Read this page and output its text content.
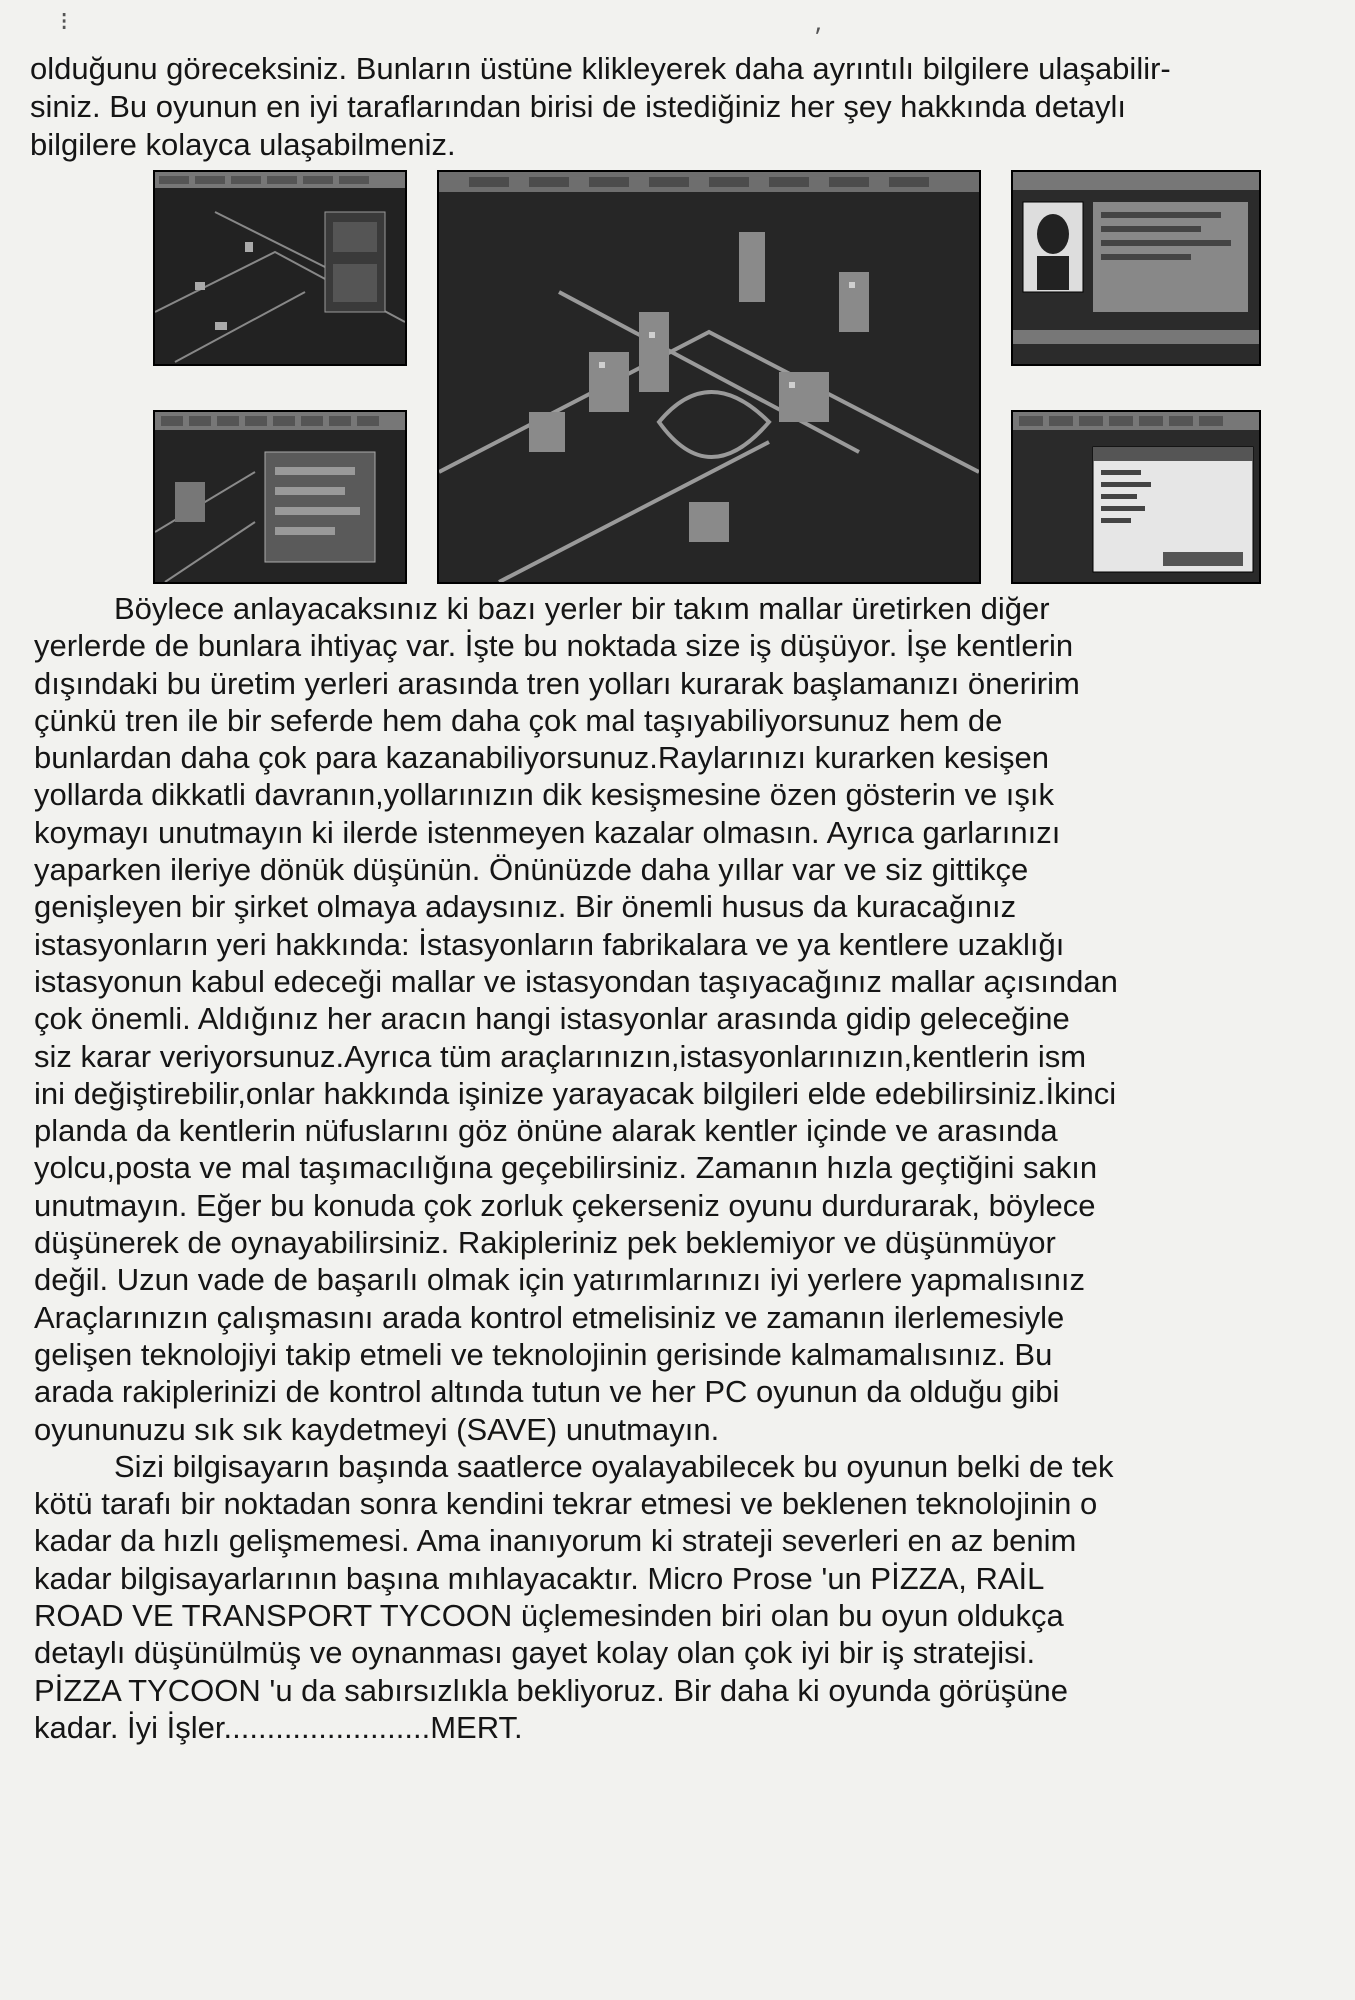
⁝	⸴

olduğunu göreceksiniz. Bunların üstüne klikleyerek daha ayrıntılı bilgilere ulaşabilir-
siniz. Bu oyunun en iyi taraflarından birisi de istediğiniz her şey hakkında detaylı
bilgilere kolayca ulaşabilmeniz.

Böylece anlayacaksınız ki bazı yerler bir takım mallar üretirken diğer
yerlerde de bunlara ihtiyaç var. İşte bu noktada size iş düşüyor. İşe kentlerin
dışındaki bu üretim yerleri arasında tren yolları kurarak başlamanızı öneririm
çünkü tren ile bir seferde hem daha çok mal taşıyabiliyorsunuz hem de
bunlardan daha çok para kazanabiliyorsunuz.Raylarınızı kurarken kesişen
yollarda dikkatli davranın,yollarınızın dik kesişmesine özen gösterin ve ışık
koymayı unutmayın ki ilerde istenmeyen kazalar olmasın. Ayrıca garlarınızı
yaparken ileriye dönük düşünün. Önünüzde daha yıllar var ve siz gittikçe
genişleyen bir şirket olmaya adaysınız. Bir önemli husus da kuracağınız
istasyonların yeri hakkında: İstasyonların fabrikalara ve ya kentlere uzaklığı
istasyonun kabul edeceği mallar ve istasyondan taşıyacağınız mallar açısından
çok önemli. Aldığınız her aracın hangi istasyonlar arasında gidip geleceğine
siz karar veriyorsunuz.Ayrıca tüm araçlarınızın,istasyonlarınızın,kentlerin ism
ini değiştirebilir,onlar hakkında işinize yarayacak bilgileri elde edebilirsiniz.İkinci
planda da kentlerin nüfuslarını göz önüne alarak kentler içinde ve arasında
yolcu,posta ve mal taşımacılığına geçebilirsiniz. Zamanın hızla geçtiğini sakın
unutmayın. Eğer bu konuda çok zorluk çekerseniz oyunu durdurarak, böylece
düşünerek de oynayabilirsiniz. Rakipleriniz pek beklemiyor ve düşünmüyor
değil. Uzun vade de başarılı olmak için yatırımlarınızı iyi yerlere yapmalısınız
Araçlarınızın çalışmasını arada kontrol etmelisiniz ve zamanın ilerlemesiyle
gelişen teknolojiyi takip etmeli ve teknolojinin gerisinde kalmamalısınız. Bu
arada rakiplerinizi de kontrol altında tutun ve her PC oyunun da olduğu gibi
oyununuzu sık sık kaydetmeyi (SAVE) unutmayın.
Sizi bilgisayarın başında saatlerce oyalayabilecek bu oyunun belki de tek
kötü tarafı bir noktadan sonra kendini tekrar etmesi ve beklenen teknolojinin o
kadar da hızlı gelişmemesi. Ama inanıyorum ki strateji severleri en az benim
kadar bilgisayarlarının başına mıhlayacaktır. Micro Prose 'un PİZZA, RAİL
ROAD VE TRANSPORT TYCOON üçlemesinden biri olan bu oyun oldukça
detaylı düşünülmüş ve oynanması gayet kolay olan çok iyi bir iş stratejisi.
PİZZA TYCOON 'u da sabırsızlıkla bekliyoruz. Bir daha ki oyunda görüşüne
kadar. İyi İşler........................MERT.
